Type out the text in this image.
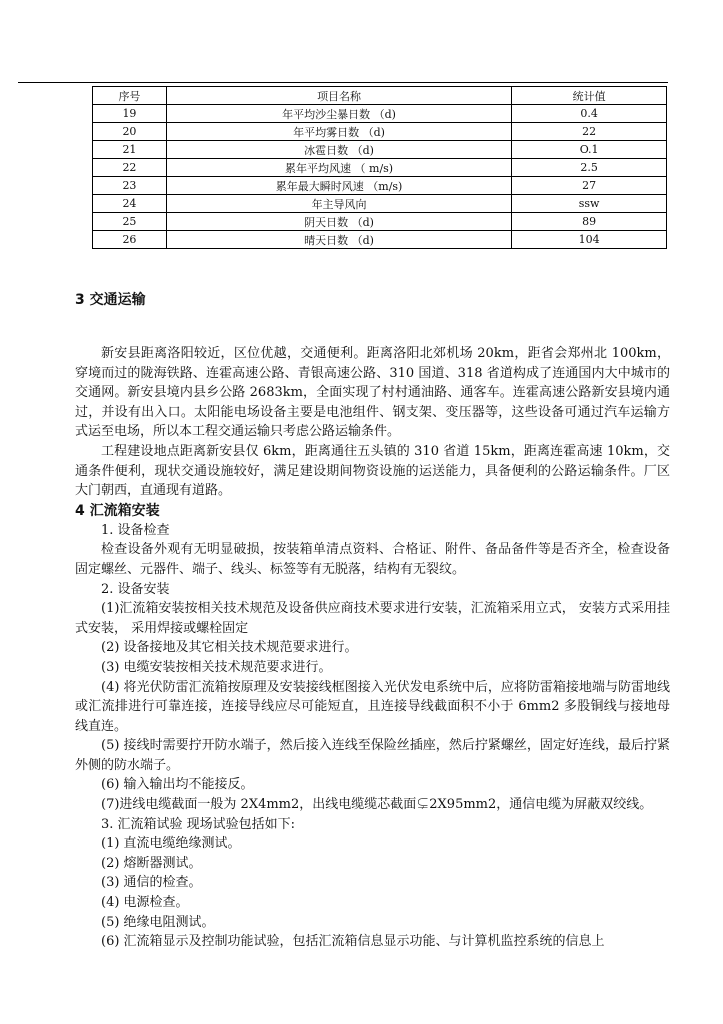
序号	项目名称	统计值
19	年平均沙尘暴日数 （d)	0.4
20	年平均雾日数 （d)	22
21	冰雹日数 （d)	O.1
22	累年平均风速 （ m/s)	2.5
23	累年最大瞬时风速 （m/s)	27
24	年主导风向	ssw
25	阴天日数 （d)	89
26	晴天日数 （d)	104
3 交通运输

新安县距离洛阳较近，区位优越，交通便利。距离洛阳北郊机场 20km，距省会郑州北 100km，穿境而过的陇海铁路、连霍高速公路、青银高速公路、310 国道、318 省道构成了连通国内大中城市的交通网。新安县境内县乡公路 2683km，全面实现了村村通油路、通客车。连霍高速公路新安县境内通过，并设有出入口。太阳能电场设备主要是电池组件、钢支架、变压器等，这些设备可通过汽车运输方式运至电场，所以本工程交通运输只考虑公路运输条件。

工程建设地点距离新安县仅 6km，距离通往五头镇的 310 省道 15km，距离连霍高速 10km，交通条件便利，现状交通设施较好，满足建设期间物资设施的运送能力，具备便利的公路运输条件。厂区大门朝西，直通现有道路。

4 汇流箱安装

1. 设备检查

检查设备外观有无明显破损，按装箱单清点资料、合格证、附件、备品备件等是否齐全，检查设备固定螺丝、元器件、端子、线头、标签等有无脱落，结构有无裂纹。

2. 设备安装

(1)汇流箱安装按相关技术规范及设备供应商技术要求进行安装，汇流箱采用立式， 安装方式采用挂式安装， 采用焊接或螺栓固定

(2) 设备接地及其它相关技术规范要求进行。

(3) 电缆安装按相关技术规范要求进行。

(4) 将光伏防雷汇流箱按原理及安装接线框图接入光伏发电系统中后，应将防雷箱接地端与防雷地线或汇流排进行可靠连接，连接导线应尽可能短直，且连接导线截面积不小于 6mm2 多股铜线与接地母线直连。

(5) 接线时需要拧开防水端子，然后接入连线至保险丝插座，然后拧紧螺丝，固定好连线，最后拧紧外侧的防水端子。

(6) 输入输出均不能接反。

(7)进线电缆截面一般为 2X4mm2，出线电缆缆芯截面⊊2X95mm2，通信电缆为屏蔽双绞线。

3. 汇流箱试验 现场试验包括如下:

(1) 直流电缆绝缘测试。

(2) 熔断器测试。

(3) 通信的检查。

(4) 电源检查。

(5) 绝缘电阻测试。

(6) 汇流箱显示及控制功能试验，包括汇流箱信息显示功能、与计算机监控系统的信息上
